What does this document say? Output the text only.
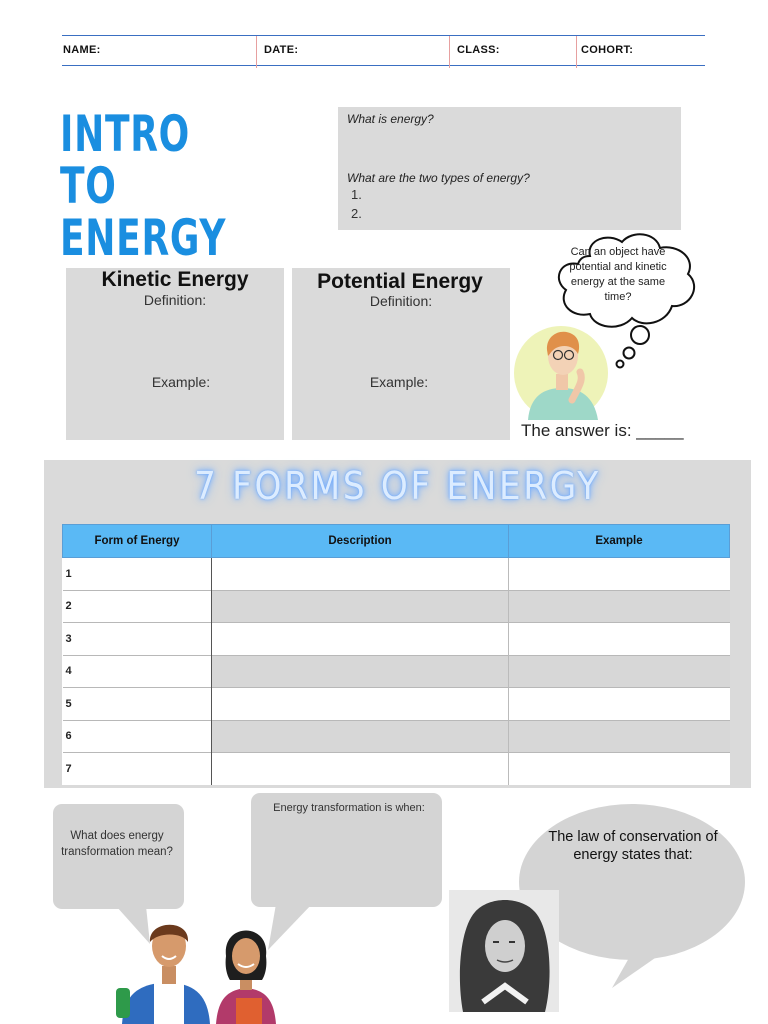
NAME:	DATE:	CLASS:	COHORT:
INTRO TO
ENERGY
What is energy?
What are the two types of energy?
1.
2.
Kinetic Energy
Definition:
Example:
Potential Energy
Definition:
Example:
Can an object have potential and kinetic energy at the same time?
The answer is: _____
7 FORMS OF ENERGY
Form of Energy	Description	Example
1		
2		
3		
4		
5		
6		
7		
What does energy transformation mean?
Energy transformation is when:
The law of conservation of energy states that:
